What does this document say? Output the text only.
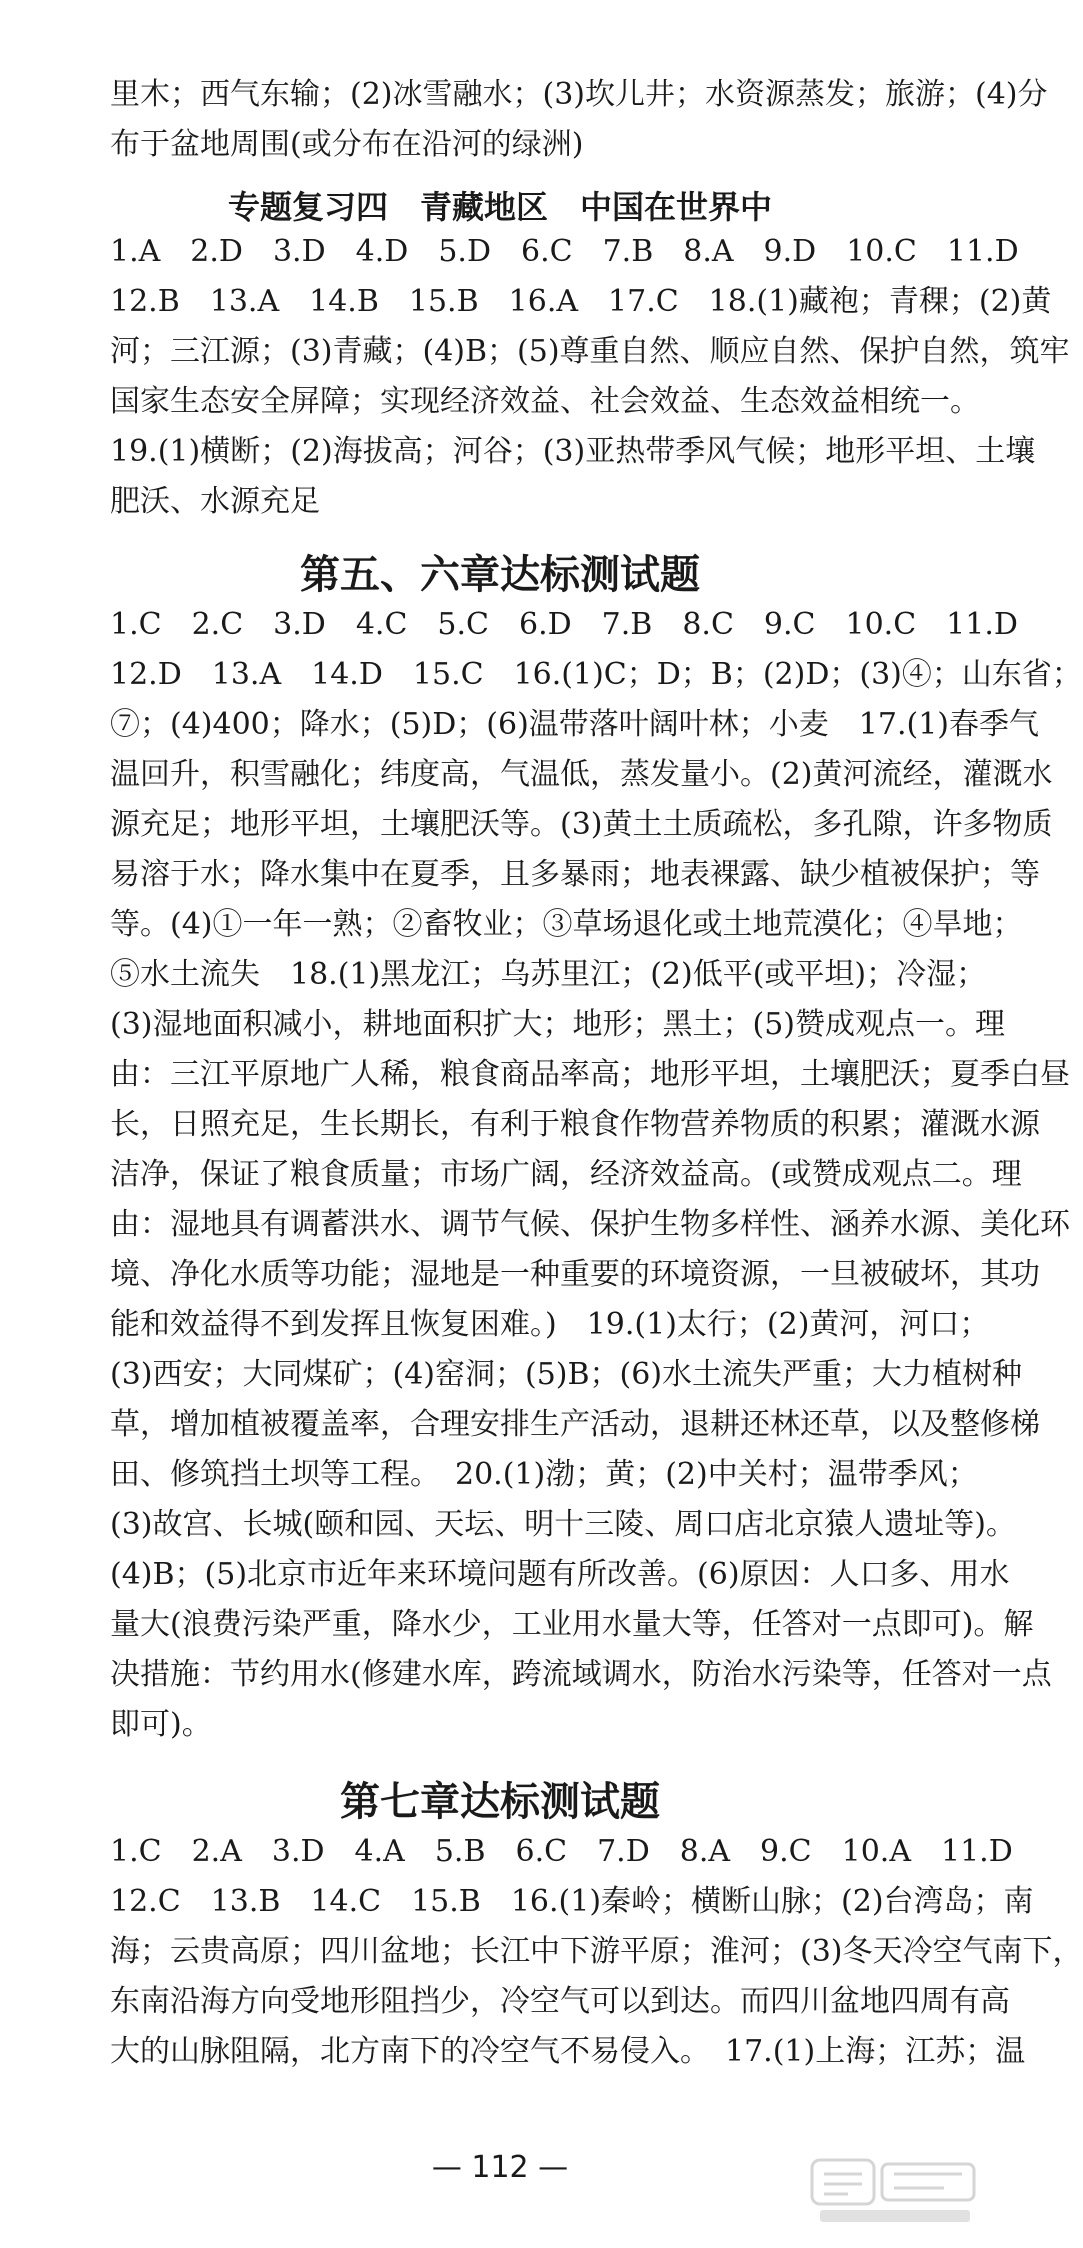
里木；西气东输；(2)冰雪融水；(3)坎儿井；水资源蒸发；旅游；(4)分
布于盆地周围(或分布在沿河的绿洲)
专题复习四　青藏地区　中国在世界中
1.A　2.D　3.D　4.D　5.D　6.C　7.B　8.A　9.D　10.C　11.D
12.B　13.A　14.B　15.B　16.A　17.C　18.(1)藏袍；青稞；(2)黄
河；三江源；(3)青藏；(4)B；(5)尊重自然、顺应自然、保护自然，筑牢
国家生态安全屏障；实现经济效益、社会效益、生态效益相统一。
19.(1)横断；(2)海拔高；河谷；(3)亚热带季风气候；地形平坦、土壤
肥沃、水源充足
第五、六章达标测试题
1.C　2.C　3.D　4.C　5.C　6.D　7.B　8.C　9.C　10.C　11.D
12.D　13.A　14.D　15.C　16.(1)C；D；B；(2)D；(3)④；山东省；
⑦；(4)400；降水；(5)D；(6)温带落叶阔叶林；小麦　17.(1)春季气
温回升，积雪融化；纬度高，气温低，蒸发量小。(2)黄河流经，灌溉水
源充足；地形平坦，土壤肥沃等。(3)黄土土质疏松，多孔隙，许多物质
易溶于水；降水集中在夏季，且多暴雨；地表裸露、缺少植被保护；等
等。(4)①一年一熟；②畜牧业；③草场退化或土地荒漠化；④旱地；
⑤水土流失　18.(1)黑龙江；乌苏里江；(2)低平(或平坦)；冷湿；
(3)湿地面积减小，耕地面积扩大；地形；黑土；(5)赞成观点一。理
由：三江平原地广人稀，粮食商品率高；地形平坦，土壤肥沃；夏季白昼
长，日照充足，生长期长，有利于粮食作物营养物质的积累；灌溉水源
洁净，保证了粮食质量；市场广阔，经济效益高。(或赞成观点二。理
由：湿地具有调蓄洪水、调节气候、保护生物多样性、涵养水源、美化环
境、净化水质等功能；湿地是一种重要的环境资源，一旦被破坏，其功
能和效益得不到发挥且恢复困难。)　19.(1)太行；(2)黄河，河口；
(3)西安；大同煤矿；(4)窑洞；(5)B；(6)水土流失严重；大力植树种
草，增加植被覆盖率，合理安排生产活动，退耕还林还草，以及整修梯
田、修筑挡土坝等工程。　20.(1)渤；黄；(2)中关村；温带季风；
(3)故宫、长城(颐和园、天坛、明十三陵、周口店北京猿人遗址等)。
(4)B；(5)北京市近年来环境问题有所改善。(6)原因：人口多、用水
量大(浪费污染严重，降水少，工业用水量大等，任答对一点即可)。解
决措施：节约用水(修建水库，跨流域调水，防治水污染等，任答对一点
即可)。
第七章达标测试题
1.C　2.A　3.D　4.A　5.B　6.C　7.D　8.A　9.C　10.A　11.D
12.C　13.B　14.C　15.B　16.(1)秦岭；横断山脉；(2)台湾岛；南
海；云贵高原；四川盆地；长江中下游平原；淮河；(3)冬天冷空气南下，
东南沿海方向受地形阻挡少，冷空气可以到达。而四川盆地四周有高
大的山脉阻隔，北方南下的冷空气不易侵入。　17.(1)上海；江苏；温
— 112 —
